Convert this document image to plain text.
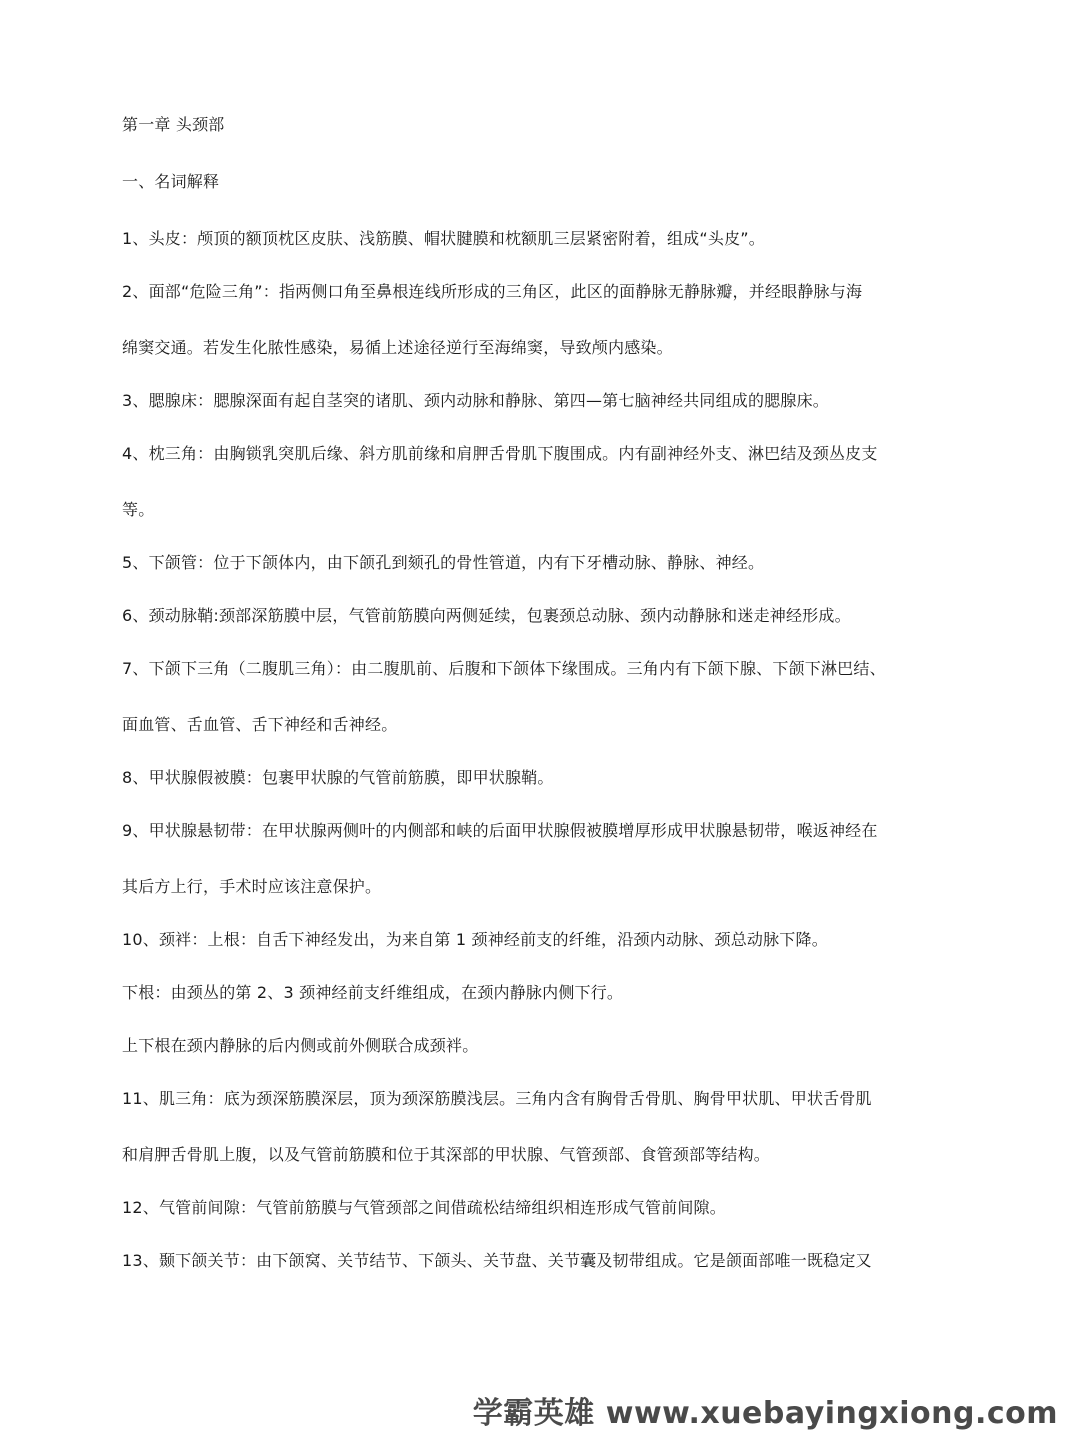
第一章 头颈部
一、名词解释
1、头皮：颅顶的额顶枕区皮肤、浅筋膜、帽状腱膜和枕额肌三层紧密附着，组成“头皮”。
2、面部“危险三角”：指两侧口角至鼻根连线所形成的三角区，此区的面静脉无静脉瓣，并经眼静脉与海
绵窦交通。若发生化脓性感染，易循上述途径逆行至海绵窦，导致颅内感染。
3、腮腺床：腮腺深面有起自茎突的诸肌、颈内动脉和静脉、第四—第七脑神经共同组成的腮腺床。
4、枕三角：由胸锁乳突肌后缘、斜方肌前缘和肩胛舌骨肌下腹围成。内有副神经外支、淋巴结及颈丛皮支
等。
5、下颌管：位于下颌体内，由下颌孔到颏孔的骨性管道，内有下牙槽动脉、静脉、神经。
6、颈动脉鞘:颈部深筋膜中层，气管前筋膜向两侧延续，包裹颈总动脉、颈内动静脉和迷走神经形成。
7、下颌下三角（二腹肌三角）：由二腹肌前、后腹和下颌体下缘围成。三角内有下颌下腺、下颌下淋巴结、
面血管、舌血管、舌下神经和舌神经。
8、甲状腺假被膜：包裹甲状腺的气管前筋膜，即甲状腺鞘。
9、甲状腺悬韧带：在甲状腺两侧叶的内侧部和峡的后面甲状腺假被膜增厚形成甲状腺悬韧带，喉返神经在
其后方上行，手术时应该注意保护。
10、颈袢：上根：自舌下神经发出，为来自第 1 颈神经前支的纤维，沿颈内动脉、颈总动脉下降。
下根：由颈丛的第 2、3 颈神经前支纤维组成，在颈内静脉内侧下行。
上下根在颈内静脉的后内侧或前外侧联合成颈袢。
11、肌三角：底为颈深筋膜深层，顶为颈深筋膜浅层。三角内含有胸骨舌骨肌、胸骨甲状肌、甲状舌骨肌
和肩胛舌骨肌上腹，以及气管前筋膜和位于其深部的甲状腺、气管颈部、食管颈部等结构。
12、气管前间隙：气管前筋膜与气管颈部之间借疏松结缔组织相连形成气管前间隙。
13、颞下颌关节：由下颌窝、关节结节、下颌头、关节盘、关节囊及韧带组成。它是颌面部唯一既稳定又
学霸英雄 www.xuebayingxiong.com
